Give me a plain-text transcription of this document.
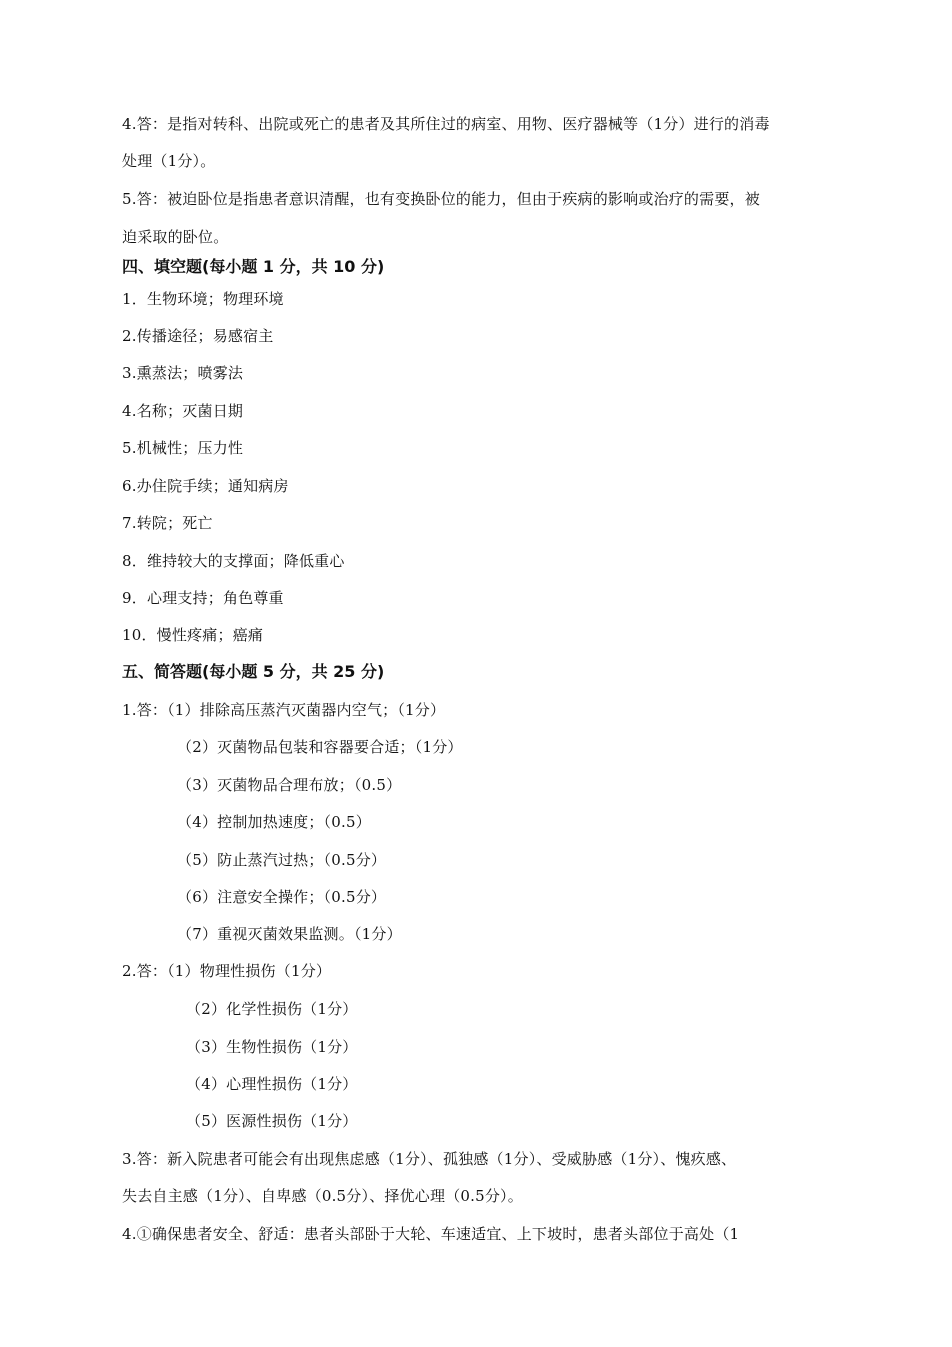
4.答：是指对转科、出院或死亡的患者及其所住过的病室、用物、医疗器械等（1分）进行的消毒
处理（1分）。
5.答：被迫卧位是指患者意识清醒，也有变换卧位的能力，但由于疾病的影响或治疗的需要，被
迫采取的卧位。
四、填空题(每小题 1 分，共 10 分)
1．生物环境；物理环境
2.传播途径；易感宿主
3.熏蒸法；喷雾法
4.名称；灭菌日期
5.机械性；压力性
6.办住院手续；通知病房
7.转院；死亡
8．维持较大的支撑面；降低重心
9．心理支持；角色尊重
10．慢性疼痛；癌痛
五、简答题(每小题 5 分，共 25 分)
1.答：（1）排除高压蒸汽灭菌器内空气；（1分）
（2）灭菌物品包装和容器要合适；（1分）
（3）灭菌物品合理布放；（0.5）
（4）控制加热速度；（0.5）
（5）防止蒸汽过热；（0.5分）
（6）注意安全操作；（0.5分）
（7）重视灭菌效果监测。（1分）
2.答：（1）物理性损伤（1分）
（2）化学性损伤（1分）
（3）生物性损伤（1分）
（4）心理性损伤（1分）
（5）医源性损伤（1分）
3.答：新入院患者可能会有出现焦虑感（1分）、孤独感（1分）、受威胁感（1分）、愧疚感、
失去自主感（1分）、自卑感（0.5分）、择优心理（0.5分）。
4.①确保患者安全、舒适：患者头部卧于大轮、车速适宜、上下坡时，患者头部位于高处（1
